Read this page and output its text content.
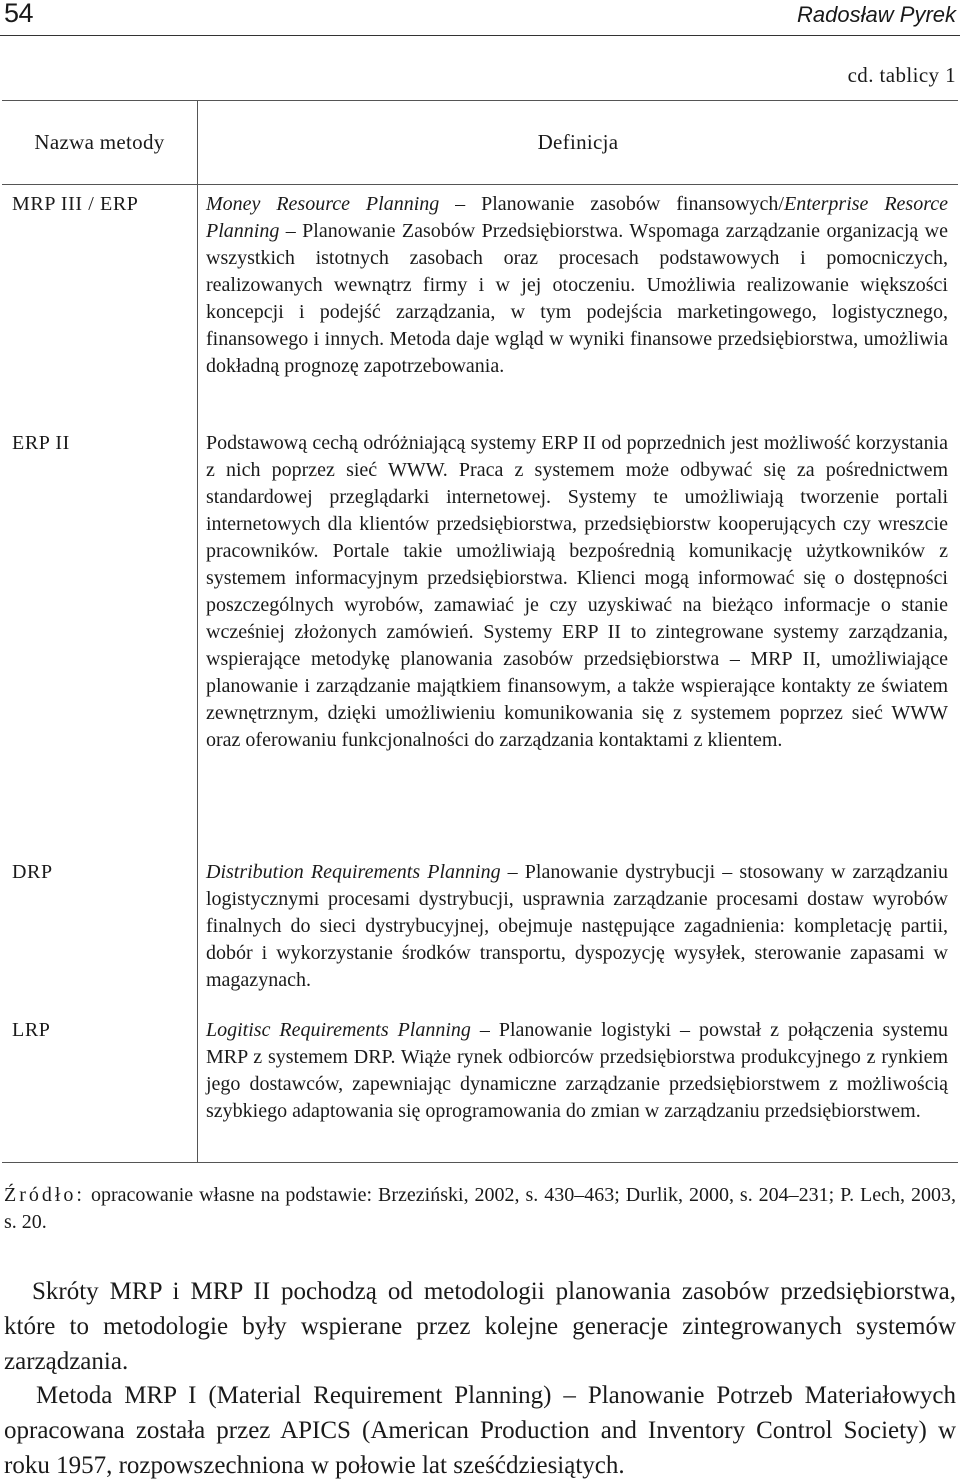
54	Radosław Pyrek
cd. tablicy 1
Nazwa metody	Definicja
MRP III / ERP	Money Resource Planning – Planowanie zasobów finansowych/Enterprise Resorce Planning – Planowanie Zasobów Przedsiębiorstwa. Wspomaga zarządzanie organizacją we wszystkich istotnych zasobach oraz procesach podstawowych i pomocniczych, realizowanych wewnątrz firmy i w jej otoczeniu. Umożliwia realizowanie większości koncepcji i podejść zarządzania, w tym podejścia marketingowego, logistycznego, finansowego i innych. Metoda daje wgląd w wyniki finansowe przedsiębiorstwa, umożliwia dokładną prognozę zapotrzebowania.
ERP II	Podstawową cechą odróżniającą systemy ERP II od poprzednich jest możliwość korzystania z nich poprzez sieć WWW. Praca z systemem może odbywać się za pośrednictwem standardowej przeglądarki internetowej. Systemy te umożliwiają tworzenie portali internetowych dla klientów przedsiębiorstwa, przedsiębiorstw kooperujących czy wreszcie pracowników. Portale takie umożliwiają bezpośrednią komunikację użytkowników z systemem informacyjnym przedsiębiorstwa. Klienci mogą informować się o dostępności poszczególnych wyrobów, zamawiać je czy uzyskiwać na bieżąco informacje o stanie wcześniej złożonych zamówień. Systemy ERP II to zintegrowane systemy zarządzania, wspierające metodykę planowania zasobów przedsiębiorstwa – MRP II, umożliwiające planowanie i zarządzanie majątkiem finansowym, a także wspierające kontakty ze światem zewnętrznym, dzięki umożliwieniu komunikowania się z systemem poprzez sieć WWW oraz oferowaniu funkcjonalności do zarządzania kontaktami z klientem.
DRP	Distribution Requirements Planning – Planowanie dystrybucji – stosowany w zarządzaniu logistycznymi procesami dystrybucji, usprawnia zarządzanie procesami dostaw wyrobów finalnych do sieci dystrybucyjnej, obejmuje następujące zagadnienia: kompletację partii, dobór i wykorzystanie środków transportu, dyspozycję wysyłek, sterowanie zapasami w magazynach.
LRP	Logitisc Requirements Planning – Planowanie logistyki – powstał z połączenia systemu MRP z systemem DRP. Wiąże rynek odbiorców przedsiębiorstwa produkcyjnego z rynkiem jego dostawców, zapewniając dynamiczne zarządzanie przedsiębiorstwem z możliwością szybkiego adaptowania się oprogramowania do zmian w zarządzaniu przedsiębiorstwem.
Źródło: opracowanie własne na podstawie: Brzeziński, 2002, s. 430–463; Durlik, 2000, s. 204–231; P. Lech, 2003, s. 20.
Skróty MRP i MRP II pochodzą od metodologii planowania zasobów przedsiębiorstwa, które to metodologie były wspierane przez kolejne generacje zintegrowanych systemów zarządzania.
Metoda MRP I (Material Requirement Planning) – Planowanie Potrzeb Materiałowych opracowana została przez APICS (American Production and Inventory Control Society) w roku 1957, rozpowszechniona w połowie lat sześćdziesiątych.
